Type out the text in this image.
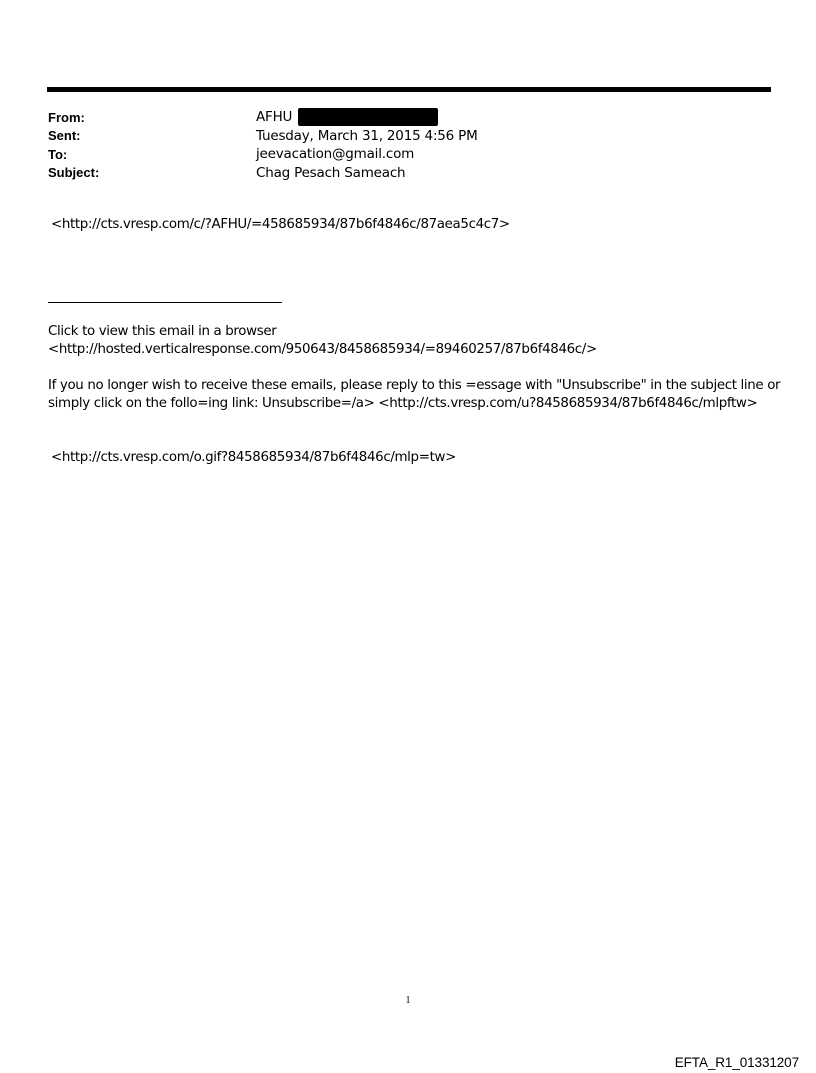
From:	AFHU
Sent:	Tuesday, March 31, 2015 4:56 PM
To:	jeevacation@gmail.com
Subject:	Chag Pesach Sameach
<http://cts.vresp.com/c/?AFHU/=458685934/87b6f4846c/87aea5c4c7>
Click to view this email in a browser
<http://hosted.verticalresponse.com/950643/8458685934/=89460257/87b6f4846c/>
If you no longer wish to receive these emails, please reply to this =essage with "Unsubscribe" in the subject line or
simply click on the follo=ing link: Unsubscribe=/a> <http://cts.vresp.com/u?8458685934/87b6f4846c/mlpftw>
<http://cts.vresp.com/o.gif?8458685934/87b6f4846c/mlp=tw>
1
EFTA_R1_01331207
